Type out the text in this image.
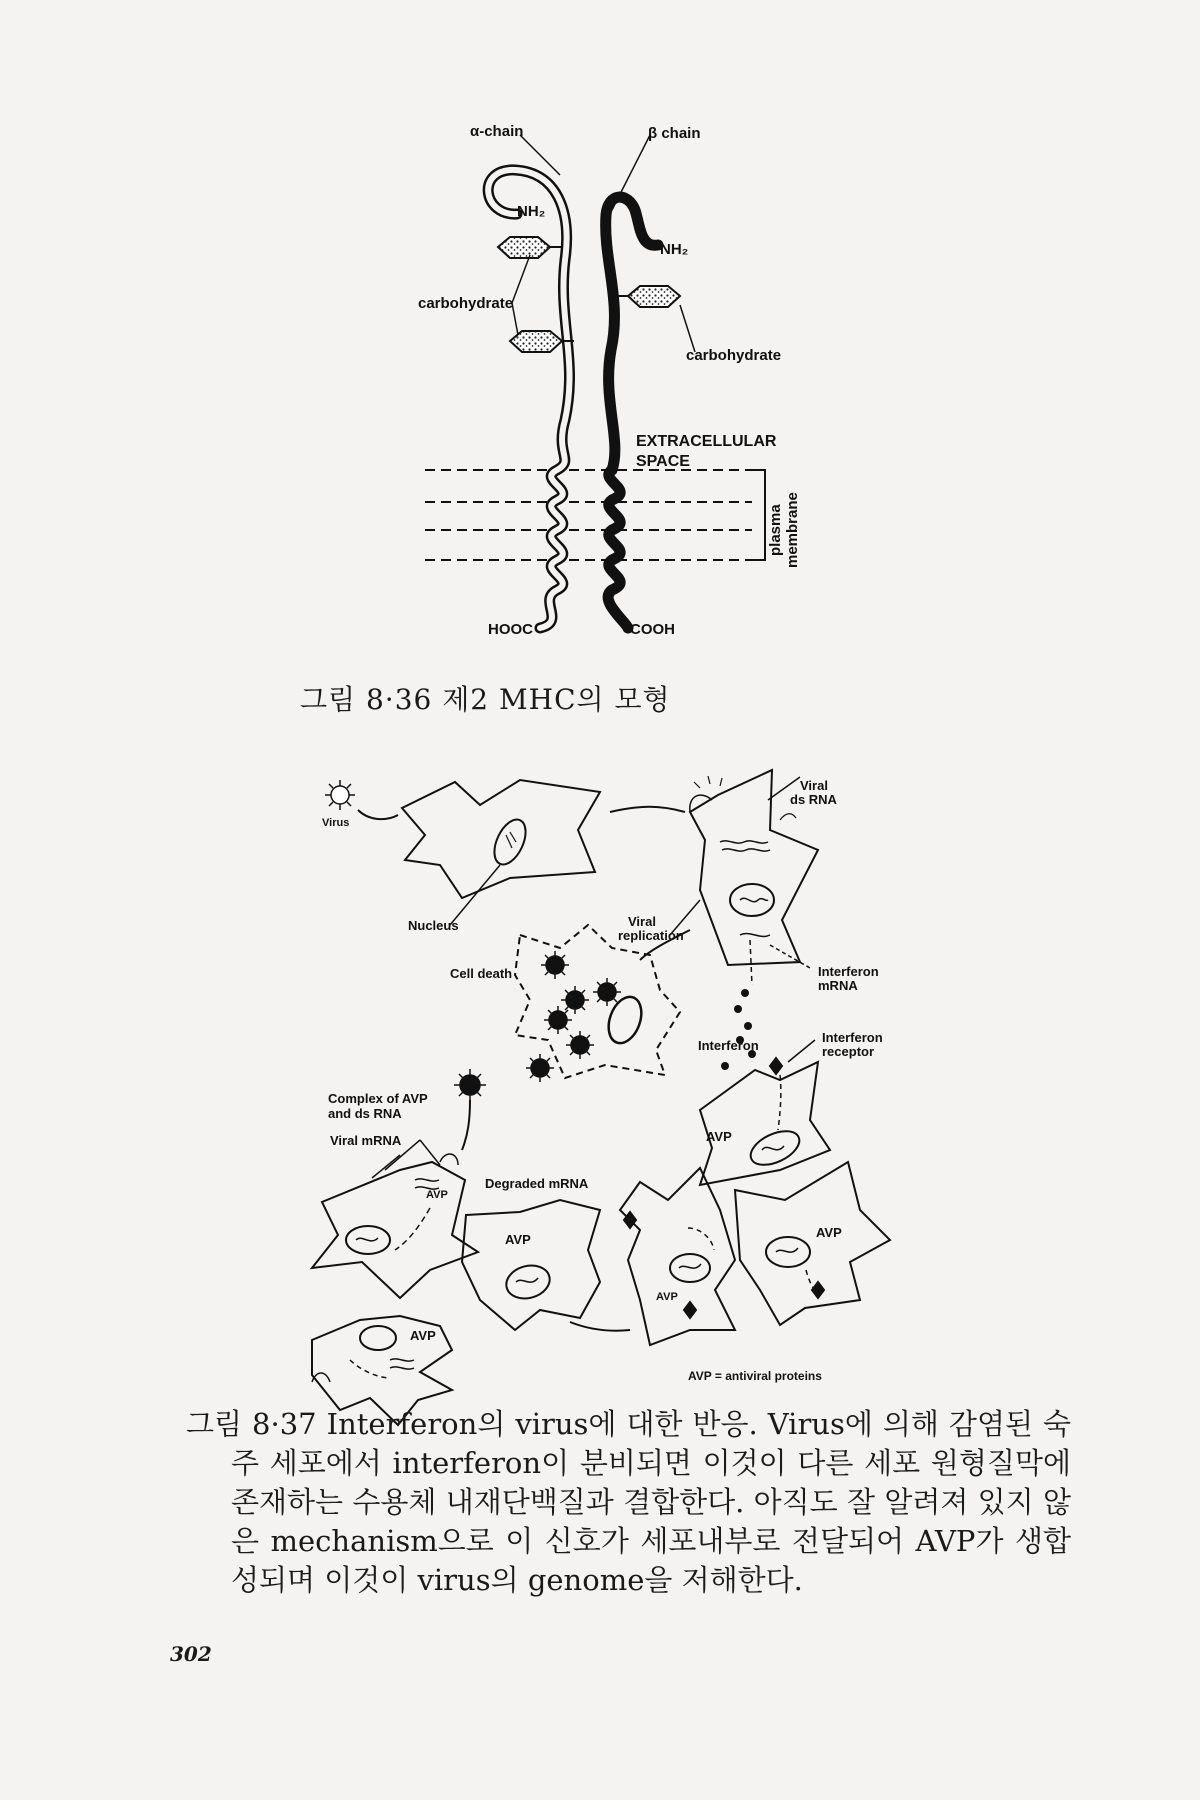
α-chain	β chain
NH₂
NH₂
carbohydrate
carbohydrate
EXTRACELLULAR
SPACE
plasma membrane
HOOC	COOH
Virus
Viral
ds RNA
Nucleus	Viral
replication
Cell death	Interferon
mRNA
Interferon
Interferon
receptor
Complex of AVP
and ds RNA
Viral mRNA
AVP
Degraded mRNA
AVP
AVP
AVP
AVP
AVP
AVP = antiviral proteins
그림 8·36 제2 MHC의 모형
그림 8·37 Interferon의 virus에 대한 반응. Virus에 의해 감염된 숙주 세포에서 interferon이 분비되면 이것이 다른 세포 원형질막에 존재하는 수용체 내재단백질과 결합한다. 아직도 잘 알려져 있지 않은 mechanism으로 이 신호가 세포내부로 전달되어 AVP가 생합성되며 이것이 virus의 genome을 저해한다.
302
